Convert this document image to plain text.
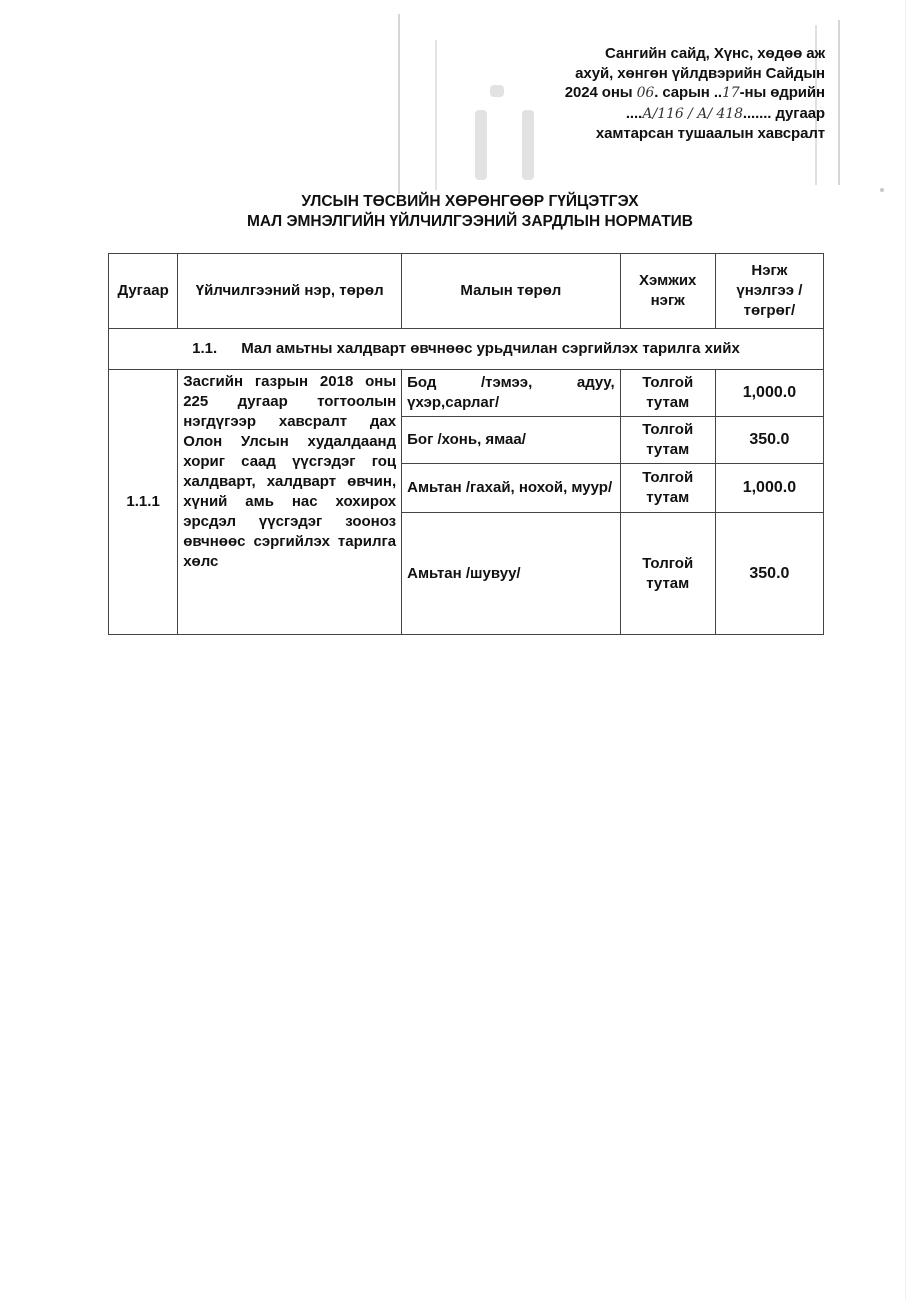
Сангийн сайд, Хүнс, хөдөө аж
ахуй, хөнгөн үйлдвэрийн Сайдын
2024 оны 06. сарын ..17-ны өдрийн
....А/116 / А/ 418....... дугаар
хамтарсан тушаалын хавсралт
УЛСЫН ТӨСВИЙН ХӨРӨНГӨӨР ГҮЙЦЭТГЭХ
МАЛ ЭМНЭЛГИЙН ҮЙЛЧИЛГЭЭНИЙ ЗАРДЛЫН НОРМАТИВ
Дугаар	Үйлчилгээний нэр, төрөл	Малын төрөл	Хэмжих нэгж	Нэгж үнэлгээ /төгрөг/
1.1. Мал амьтны халдварт өвчнөөс урьдчилан сэргийлэх тарилга хийх				
1.1.1	Засгийн газрын 2018 оны 225 дугаар тогтоолын нэгдүгээр хавсралт дах Олон Улсын худалдаанд хориг саад үүсгэдэг гоц халдварт, халдварт өвчин, хүний амь нас хохирох эрсдэл үүсгэдэг зооноз өвчнөөс сэргийлэх тарилга хөлс	Бод /тэмээ, адуу, үхэр,сарлаг/	Толгой тутам	1,000.0
		Бог /хонь, ямаа/	Толгой тутам	350.0
		Амьтан /гахай, нохой, муур/	Толгой тутам	1,000.0
		Амьтан /шувуу/	Толгой тутам	350.0
